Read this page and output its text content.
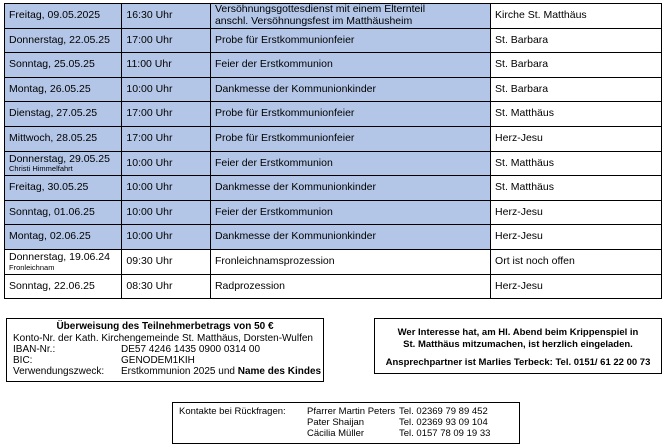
Freitag, 09.05.2025	16:30 Uhr	Versöhnungsgottesdienst mit einem Elternteil
anschl. Versöhnungsfest im Matthäusheim	Kirche St. Matthäus
Donnerstag, 22.05.25	17:00 Uhr	Probe für Erstkommunionfeier	St. Barbara
Sonntag, 25.05.25	11:00 Uhr	Feier der Erstkommunion	St. Barbara
Montag, 26.05.25	10:00 Uhr	Dankmesse der Kommunionkinder	St. Barbara
Dienstag, 27.05.25	17:00 Uhr	Probe für Erstkommunionfeier	St. Matthäus
Mittwoch, 28.05.25	17:00 Uhr	Probe für Erstkommunionfeier	Herz-Jesu
Donnerstag, 29.05.25
Christi Himmelfahrt	10:00 Uhr	Feier der Erstkommunion	St. Matthäus
Freitag, 30.05.25	10:00 Uhr	Dankmesse der Kommunionkinder	St. Matthäus
Sonntag, 01.06.25	10:00 Uhr	Feier der Erstkommunion	Herz-Jesu
Montag, 02.06.25	10:00 Uhr	Dankmesse der Kommunionkinder	Herz-Jesu
Donnerstag, 19.06.24
Fronleichnam	09:30 Uhr	Fronleichnamsprozession	Ort ist noch offen
Sonntag, 22.06.25	08:30 Uhr	Radprozession	Herz-Jesu
Überweisung des Teilnehmerbetrags von 50 €
Konto-Nr. der Kath. Kirchengemeinde St. Matthäus, Dorsten-Wulfen
IBAN-Nr.:	DE57 4246 1435 0900 0314 00
BIC:	GENODEM1KIH
Verwendungszweck:	Erstkommunion 2025 und Name des Kindes

Wer Interesse hat, am Hl. Abend beim Krippenspiel in

St. Matthäus mitzumachen, ist herzlich eingeladen.

Ansprechpartner ist Marlies Terbeck: Tel. 0151/ 61 22 00 73

Kontakte bei Rückfragen:	Pfarrer Martin Peters Tel. 02369 79 89 452
Pater Shaijan	Tel. 02369 93 09 104
Cäcilia Müller	Tel. 0157 78 09 19 33
